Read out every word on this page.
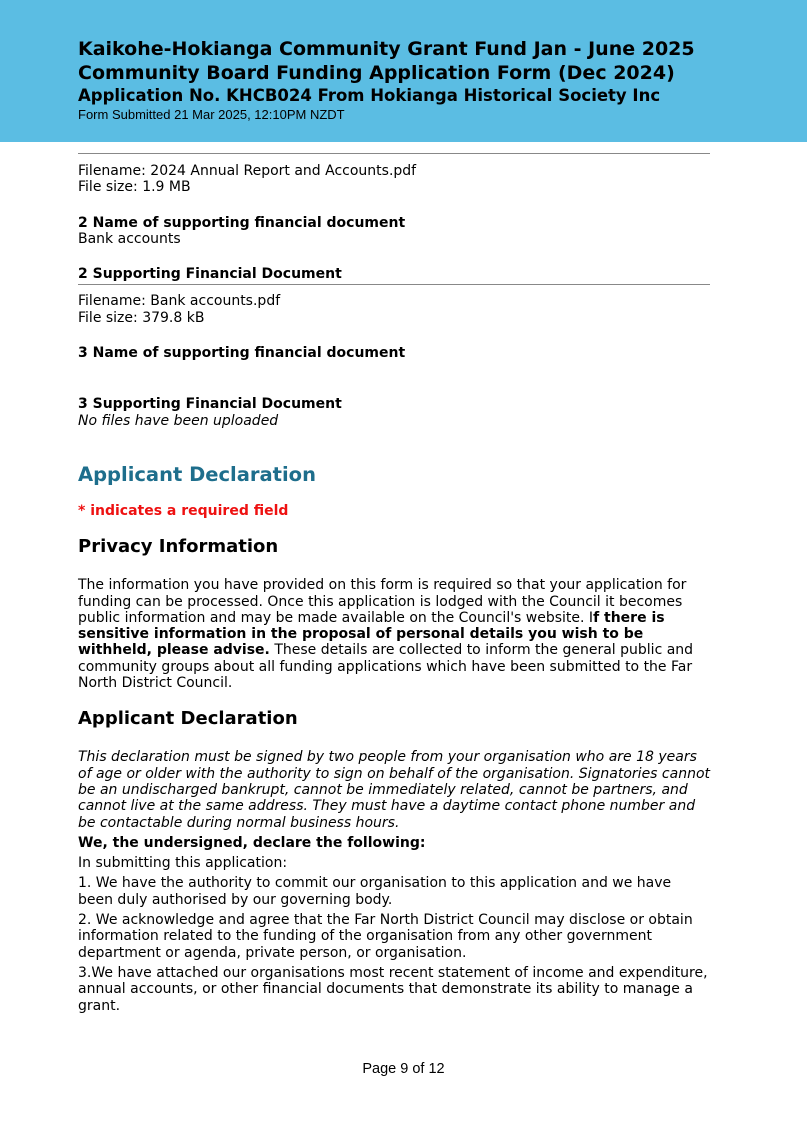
Kaikohe-Hokianga Community Grant Fund Jan - June 2025

Community Board Funding Application Form (Dec 2024)

Application No. KHCB024 From Hokianga Historical Society Inc

Form Submitted 21 Mar 2025, 12:10PM NZDT

Filename: 2024 Annual Report and Accounts.pdf

File size: 1.9 MB

2 Name of supporting financial document

Bank accounts

2 Supporting Financial Document

Filename: Bank accounts.pdf

File size: 379.8 kB

3 Name of supporting financial document

3 Supporting Financial Document

No files have been uploaded

Applicant Declaration

* indicates a required field

Privacy Information

The information you have provided on this form is required so that your application for funding can be processed. Once this application is lodged with the Council it becomes public information and may be made available on the Council's website. If there is sensitive information in the proposal of personal details you wish to be withheld, please advise. These details are collected to inform the general public and community groups about all funding applications which have been submitted to the Far North District Council.

Applicant Declaration

This declaration must be signed by two people from your organisation who are 18 years of age or older with the authority to sign on behalf of the organisation. Signatories cannot be an undischarged bankrupt, cannot be immediately related, cannot be partners, and cannot live at the same address. They must have a daytime contact phone number and be contactable during normal business hours.

We, the undersigned, declare the following:

In submitting this application:

1. We have the authority to commit our organisation to this application and we have been duly authorised by our governing body.

2. We acknowledge and agree that the Far North District Council may disclose or obtain information related to the funding of the organisation from any other government department or agenda, private person, or organisation.

3.We have attached our organisations most recent statement of income and expenditure, annual accounts, or other financial documents that demonstrate its ability to manage a grant.

Page 9 of 12
